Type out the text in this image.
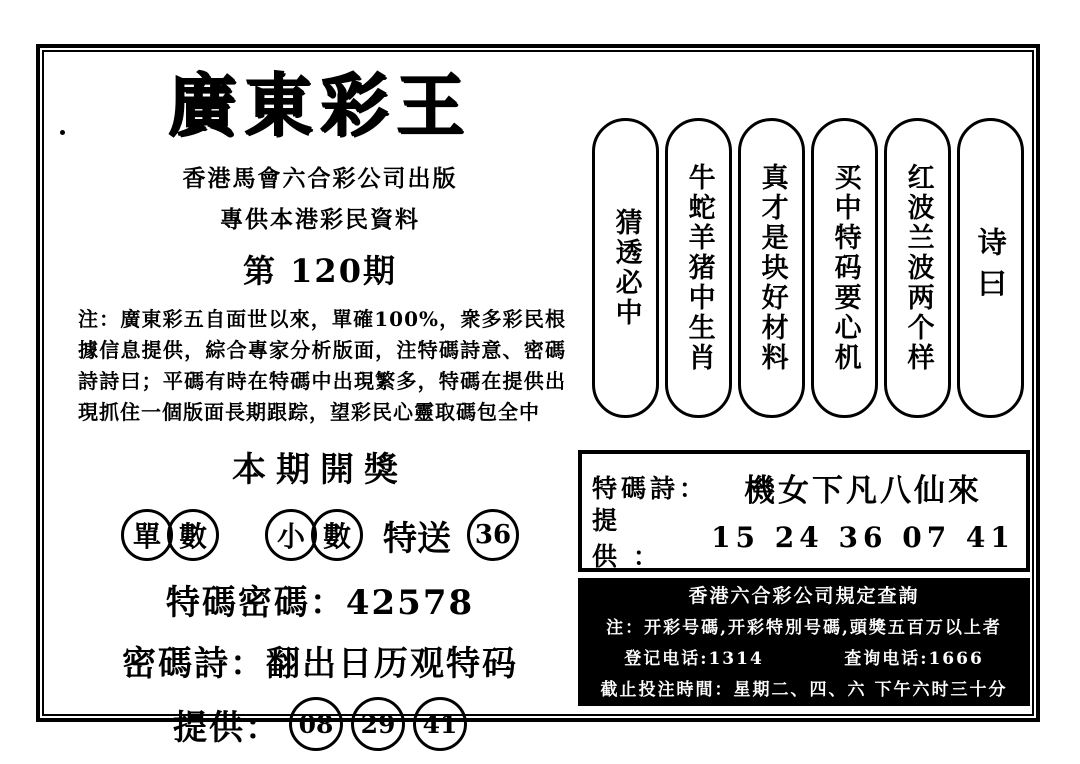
廣東彩王
香港馬會六合彩公司出版
專供本港彩民資料
第 120期
注：廣東彩五自面世以來，單確100%，衆多彩民根據信息提供，綜合專家分析版面，注特碼詩意、密碼詩詩曰；平碼有時在特碼中出現繁多，特碼在提供出現抓住一個版面長期跟踪，望彩民心靈取碼包全中
本期開獎
單 數	小 數 特送 36
特碼密碼：42578
密碼詩：翻出日历观特码
提供： 08	29	41
诗曰
红波兰波两个样
买中特码要心机
真才是块好材料
牛蛇羊猪中生肖
猜透必中
特碼詩：	機女下凡八仙來
提供：
15 24 36 07 41
香港六合彩公司規定查詢
注：开彩号碼,开彩特別号碼,頭獎五百万以上者
登记电话:1314	查询电话:1666
截止投注時間：星期二、四、六 下午六时三十分
